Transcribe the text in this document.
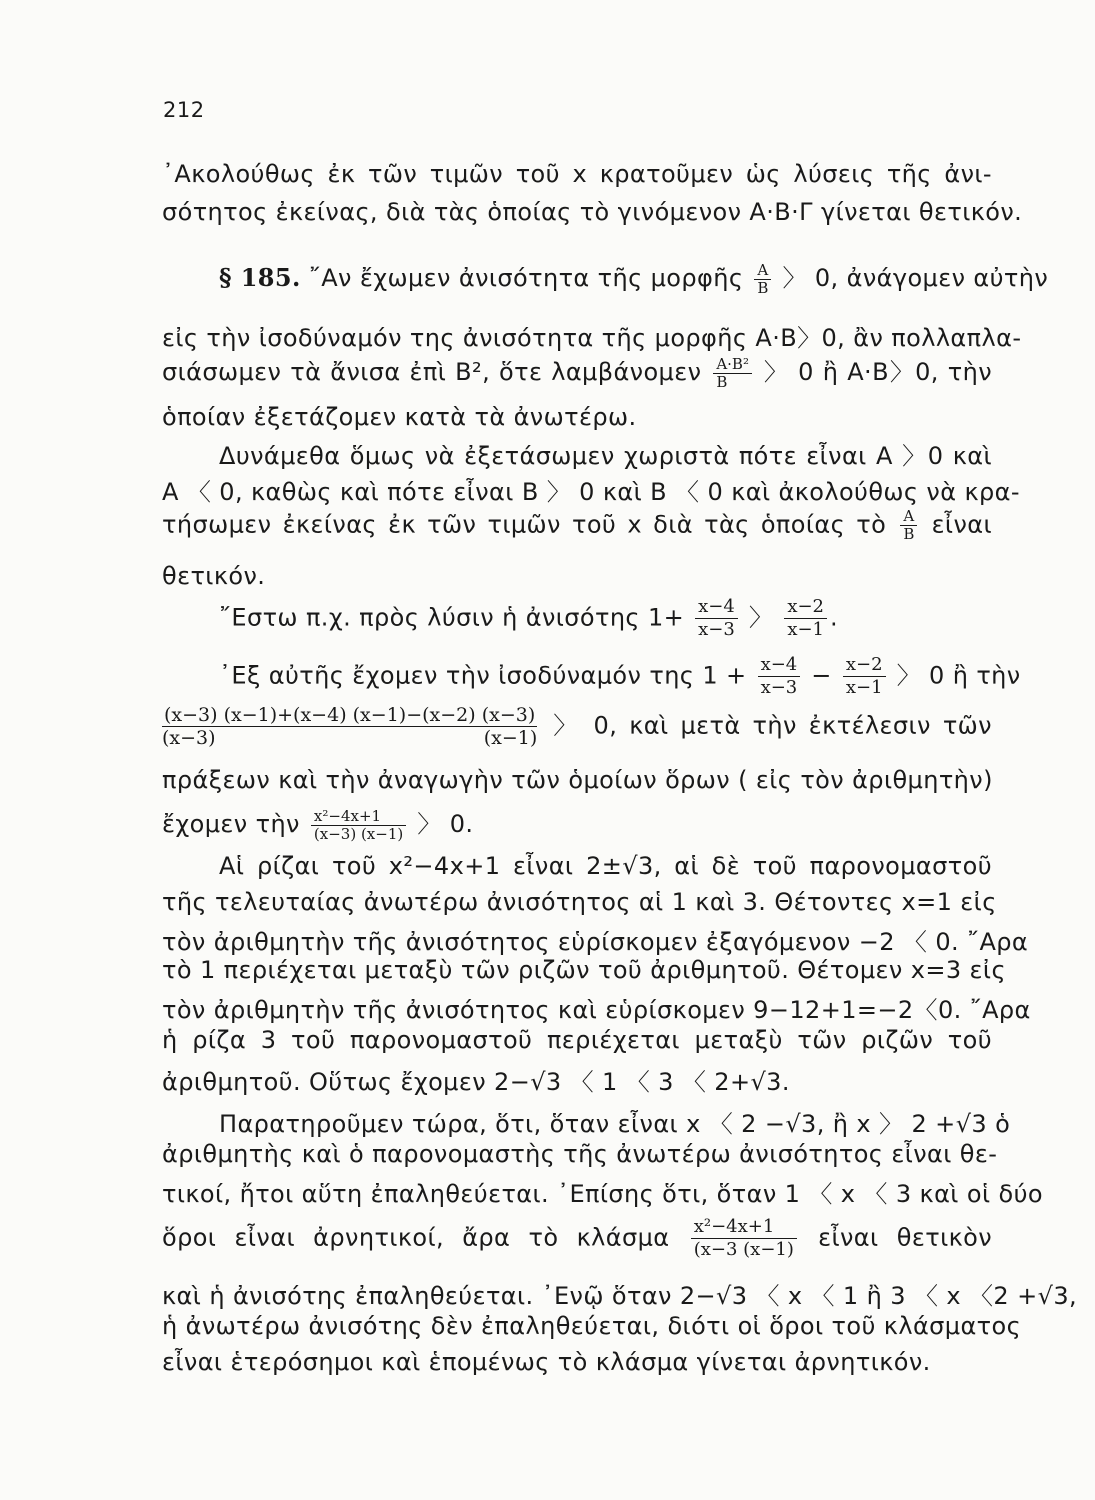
212
᾿Ακολούθως ἐκ τῶν τιμῶν τοῦ x κρατοῦμεν ὡς λύσεις τῆς ἀνι-
σότητος ἐκείνας, διὰ τὰς ὁποίας τὸ γινόμενον A·B·Γ γίνεται θετικόν.
§ 185. ῎Αν ἔχωμεν ἀνισότητα τῆς μορφῆς $\frac{A}{B}$ 〉 0, ἀνάγομεν αὐτὴν
εἰς τὴν ἰσοδύναμόν της ἀνισότητα τῆς μορφῆς A·B〉0, ἂν πολλαπλα-
σιάσωμεν τὰ ἄνισα ἐπὶ B², ὅτε λαμβάνομεν $\frac{\text{A·B²}}{B}$ 〉 0 ἢ A·B〉0, τὴν
ὁποίαν ἐξετάζομεν κατὰ τὰ ἀνωτέρω.
Δυνάμεθα ὅμως νὰ ἐξετάσωμεν χωριστὰ πότε εἶναι A 〉0 καὶ
A 〈 0, καθὼς καὶ πότε εἶναι B 〉 0 καὶ B 〈 0 καὶ ἀκολούθως νὰ κρα-
τήσωμεν ἐκείνας ἐκ τῶν τιμῶν τοῦ x διὰ τὰς ὁποίας τὸ $\frac{A}{B}$ εἶναι
θετικόν.
῎Εστω π.χ. πρὸς λύσιν ἡ ἀνισότης $1+ \frac{x-4}{x-3}$ 〉 $\frac{x-2}{x-1}$ .
᾿Εξ αὐτῆς ἔχομεν τὴν ἰσοδύναμόν της $1 + \frac{x-4}{x-3} - \frac{x-2}{x-1}$ 〉 0 ἢ τὴν
$\frac{(x-3) (x-1)+(x-4) (x-1)-(x-2) (x-3)}{(x-3) (x-1)}$ 〉 0, καὶ μετὰ τὴν ἐκτέλεσιν τῶν
πράξεων καὶ τὴν ἀναγωγὴν τῶν ὁμοίων ὅρων ( εἰς τὸν ἀριθμητὴν)
ἔχομεν τὴν $\frac{\text{x²−4x+1}}{(x-3) (x-1)}$ 〉 0.
Αἱ ρίζαι τοῦ x²−4x+1 εἶναι 2±√3, αἱ δὲ τοῦ παρονομαστοῦ
τῆς τελευταίας ἀνωτέρω ἀνισότητος αἱ 1 καὶ 3. Θέτοντες x=1 εἰς
τὸν ἀριθμητὴν τῆς ἀνισότητος εὑρίσκομεν ἐξαγόμενον −2 〈 0. ῎Αρα
τὸ 1 περιέχεται μεταξὺ τῶν ριζῶν τοῦ ἀριθμητοῦ. Θέτομεν x=3 εἰς
τὸν ἀριθμητὴν τῆς ἀνισότητος καὶ εὑρίσκομεν 9−12+1=−2〈0. ῎Αρα
ἡ ρίζα 3 τοῦ παρονομαστοῦ περιέχεται μεταξὺ τῶν ριζῶν τοῦ
ἀριθμητοῦ. Οὕτως ἔχομεν 2−√3 〈 1 〈 3 〈 2+√3.
Παρατηροῦμεν τώρα, ὅτι, ὅταν εἶναι x 〈 2 −√3, ἢ x 〉 2 +√3 ὁ
ἀριθμητὴς καὶ ὁ παρονομαστὴς τῆς ἀνωτέρω ἀνισότητος εἶναι θε-
τικοί, ἤτοι αὕτη ἐπαληθεύεται. ᾿Επίσης ὅτι, ὅταν 1 〈 x 〈 3 καὶ οἱ δύο
ὅροι εἶναι ἀρνητικοί, ἄρα τὸ κλάσμα $\frac{\text{x²−4x+1}}{(x-3 (x-1)}$ εἶναι θετικὸν
καὶ ἡ ἀνισότης ἐπαληθεύεται. ᾿Ενῷ ὅταν 2−√3 〈 x 〈 1 ἢ 3 〈 x 〈2 +√3,
ἡ ἀνωτέρω ἀνισότης δὲν ἐπαληθεύεται, διότι οἱ ὅροι τοῦ κλάσματος
εἶναι ἑτερόσημοι καὶ ἑπομένως τὸ κλάσμα γίνεται ἀρνητικόν.
